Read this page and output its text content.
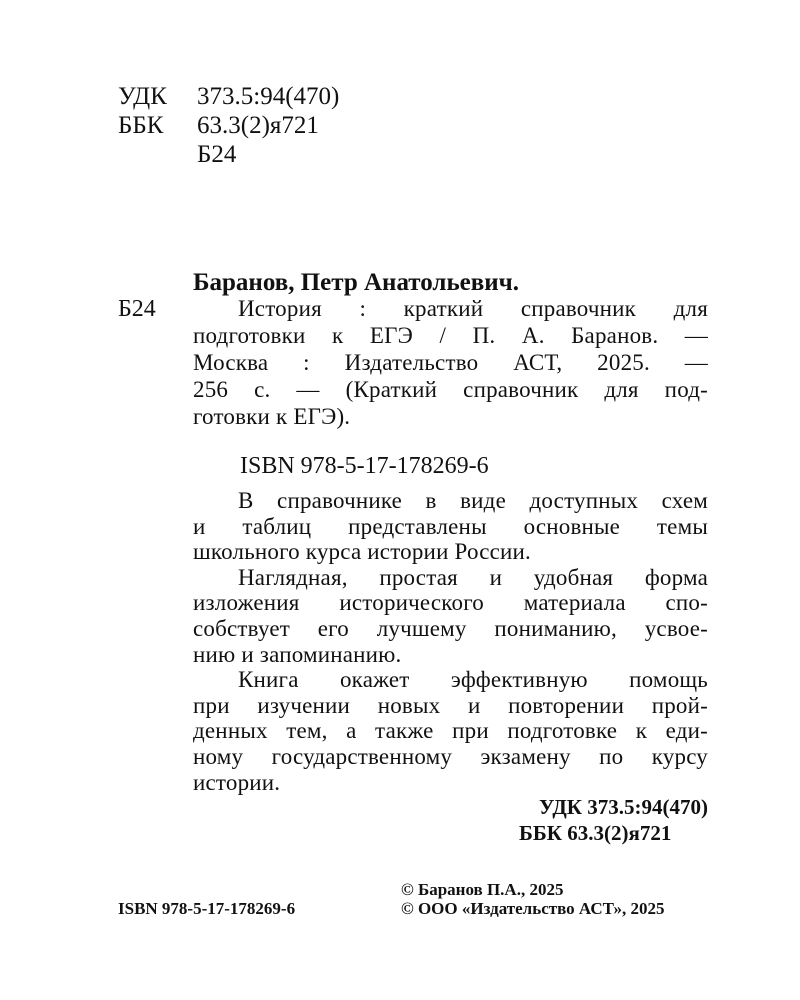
УДК 373.5:94(470)
ББК 63.3(2)я721
Б24
Баранов, Петр Анатольевич.
Б24	История : краткий справочник для
подготовки к ЕГЭ / П. А. Баранов. —
Москва : Издательство АСТ, 2025. —
256 с. — (Краткий справочник для под-
готовки к ЕГЭ).
ISBN 978-5-17-178269-6
В справочнике в виде доступных схем
и таблиц представлены основные темы
школьного курса истории России.
Наглядная, простая и удобная форма
изложения исторического материала спо-
собствует его лучшему пониманию, усвое-
нию и запоминанию.
Книга окажет эффективную помощь
при изучении новых и повторении прой-
денных тем, а также при подготовке к еди-
ному государственному экзамену по курсу
истории.
УДК 373.5:94(470)
ББК 63.3(2)я721
© Баранов П.А., 2025
ISBN 978-5-17-178269-6	© ООО «Издательство АСТ», 2025
